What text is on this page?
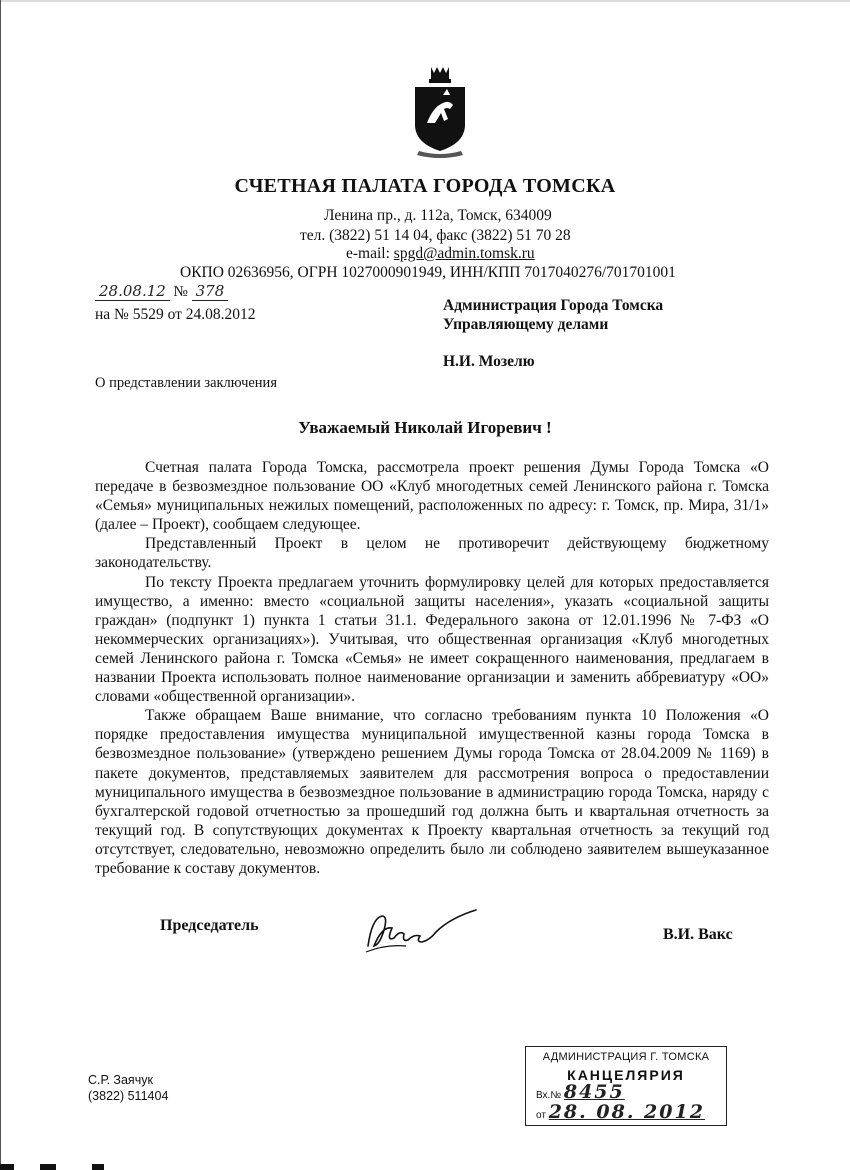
СЧЕТНАЯ ПАЛАТА ГОРОДА ТОМСКА
Ленина пр., д. 112а, Томск, 634009
тел. (3822) 51 14 04, факс (3822) 51 70 28
e-mail: spgd@admin.tomsk.ru
ОКПО 02636956, ОГРН 1027000901949, ИНН/КПП 7017040276/701701001
28.08.12 № 378
на № 5529 от 24.08.2012
Администрация Города Томска
Управляющему делами
Н.И. Мозелю
О представлении заключения
Уважаемый Николай Игоревич !

Счетная палата Города Томска, рассмотрела проект решения Думы Города Томска «О передаче в безвозмездное пользование ОО «Клуб многодетных семей Ленинского района г. Томска «Семья» муниципальных нежилых помещений, расположенных по адресу: г. Томск, пр. Мира, 31/1» (далее – Проект), сообщаем следующее.

Представленный Проект в целом не противоречит действующему бюджетному законодательству.

По тексту Проекта предлагаем уточнить формулировку целей для которых предоставляется имущество, а именно: вместо «социальной защиты населения», указать «социальной защиты граждан» (подпункт 1) пункта 1 статьи 31.1. Федерального закона от 12.01.1996 № 7-ФЗ «О некоммерческих организациях»). Учитывая, что общественная организация «Клуб многодетных семей Ленинского района г. Томска «Семья» не имеет сокращенного наименования, предлагаем в названии Проекта использовать полное наименование организации и заменить аббревиатуру «ОО» словами «общественной организации».

Также обращаем Ваше внимание, что согласно требованиям пункта 10 Положения «О порядке предоставления имущества муниципальной имущественной казны города Томска в безвозмездное пользование» (утверждено решением Думы города Томска от 28.04.2009 № 1169) в пакете документов, представляемых заявителем для рассмотрения вопроса о предоставлении муниципального имущества в безвозмездное пользование в администрацию города Томска, наряду с бухгалтерской годовой отчетностью за прошедший год должна быть и квартальная отчетность за текущий год. В сопутствующих документах к Проекту квартальная отчетность за текущий год отсутствует, следовательно, невозможно определить было ли соблюдено заявителем вышеуказанное требование к составу документов.

Председатель
В.И. Вакс
С.Р. Заячук
(3822) 511404
АДМИНИСТРАЦИЯ Г. ТОМСКА
КАНЦЕЛЯРИЯ
Вх.№ 8455
от 28. 08. 2012
